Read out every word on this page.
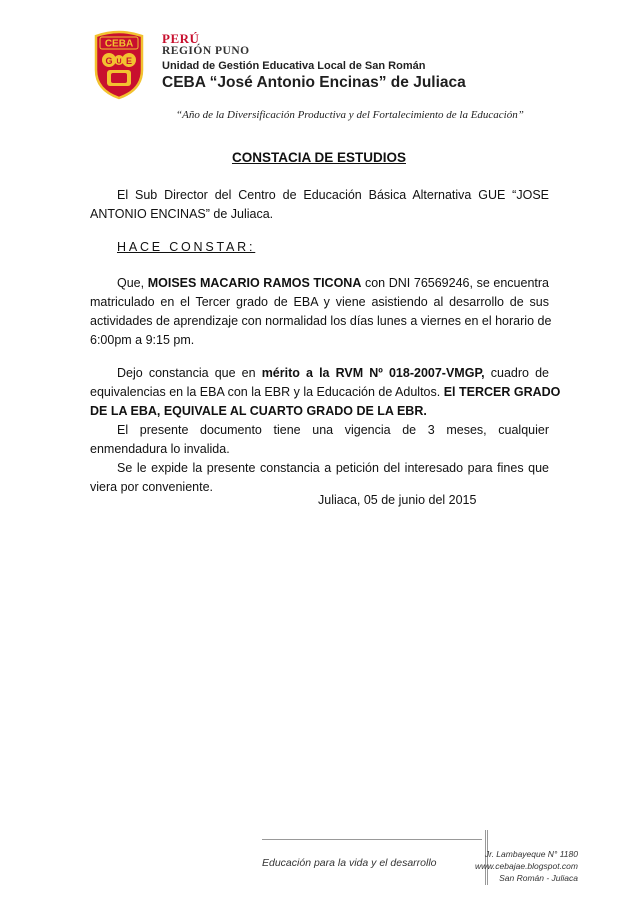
CEBA
G E
U
PERÚ
REGIÓN PUNO
Unidad de Gestión Educativa Local de San Román
CEBA “José Antonio Encinas” de Juliaca
“Año de la Diversificación Productiva y del Fortalecimiento de la Educación”
CONSTACIA DE ESTUDIOS
El Sub Director del Centro de Educación Básica Alternativa GUE “JOSE
ANTONIO ENCINAS” de Juliaca.
HACE CONSTAR:
Que, MOISES MACARIO RAMOS TICONA con DNI 76569246, se encuentra
matriculado en el Tercer grado de EBA y viene asistiendo al desarrollo de sus
actividades de aprendizaje con normalidad los días lunes a viernes en el horario de
6:00pm a 9:15 pm.
Dejo constancia que en mérito a la RVM Nº 018-2007-VMGP, cuadro de
equivalencias en la EBA con la EBR y la Educación de Adultos. El TERCER GRADO
DE LA EBA, EQUIVALE AL CUARTO GRADO DE LA EBR.
El presente documento tiene una vigencia de 3 meses, cualquier
enmendadura lo invalida.
Se le expide la presente constancia a petición del interesado para fines que
viera por conveniente.
Juliaca, 05 de junio del 2015
Educación para la vida y el desarrollo
Jr. Lambayeque N° 1180
www.cebajae.blogspot.com
San Román - Juliaca
